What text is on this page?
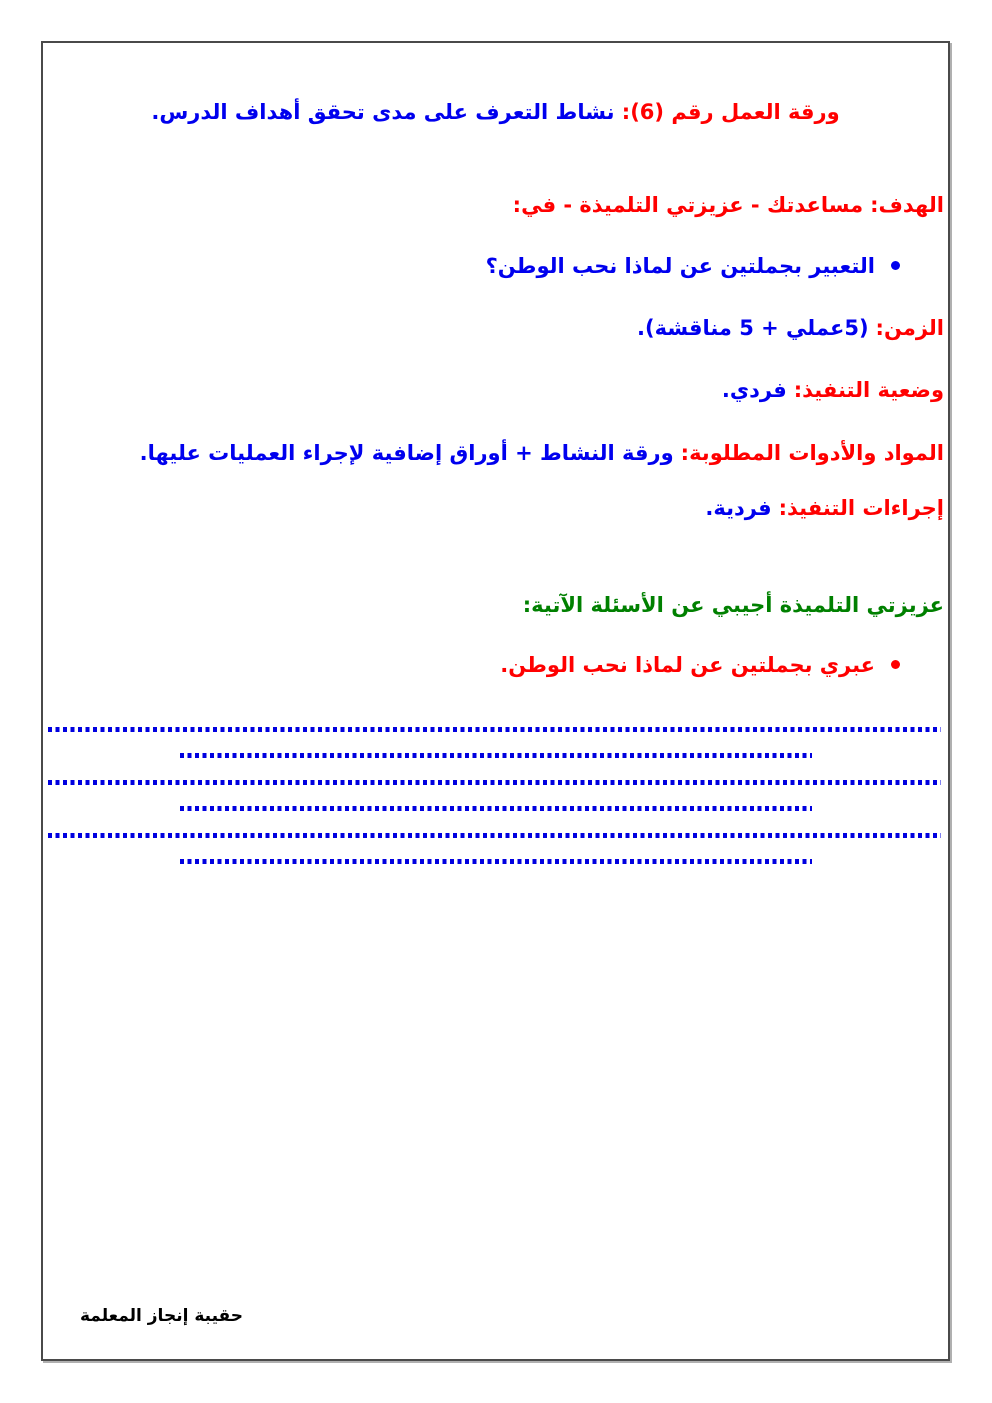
ورقة العمل رقم (6): نشاط التعرف على مدى تحقق أهداف الدرس.
الهدف:مساعدتك - عزيزتي التلميذة - في:
التعبير بجملتين عن لماذا نحب الوطن؟
الزمن:(5عملي + 5 مناقشة).
وضعية التنفيذ:فردي.
المواد والأدوات المطلوبة:ورقة النشاط + أوراق إضافية لإجراء العمليات عليها.
إجراءات التنفيذ:فردية.
عزيزتي التلميذة أجيبي عن الأسئلة الآتية:
عبري بجملتين عن لماذا نحب الوطن.
حقيبة إنجاز المعلمة
